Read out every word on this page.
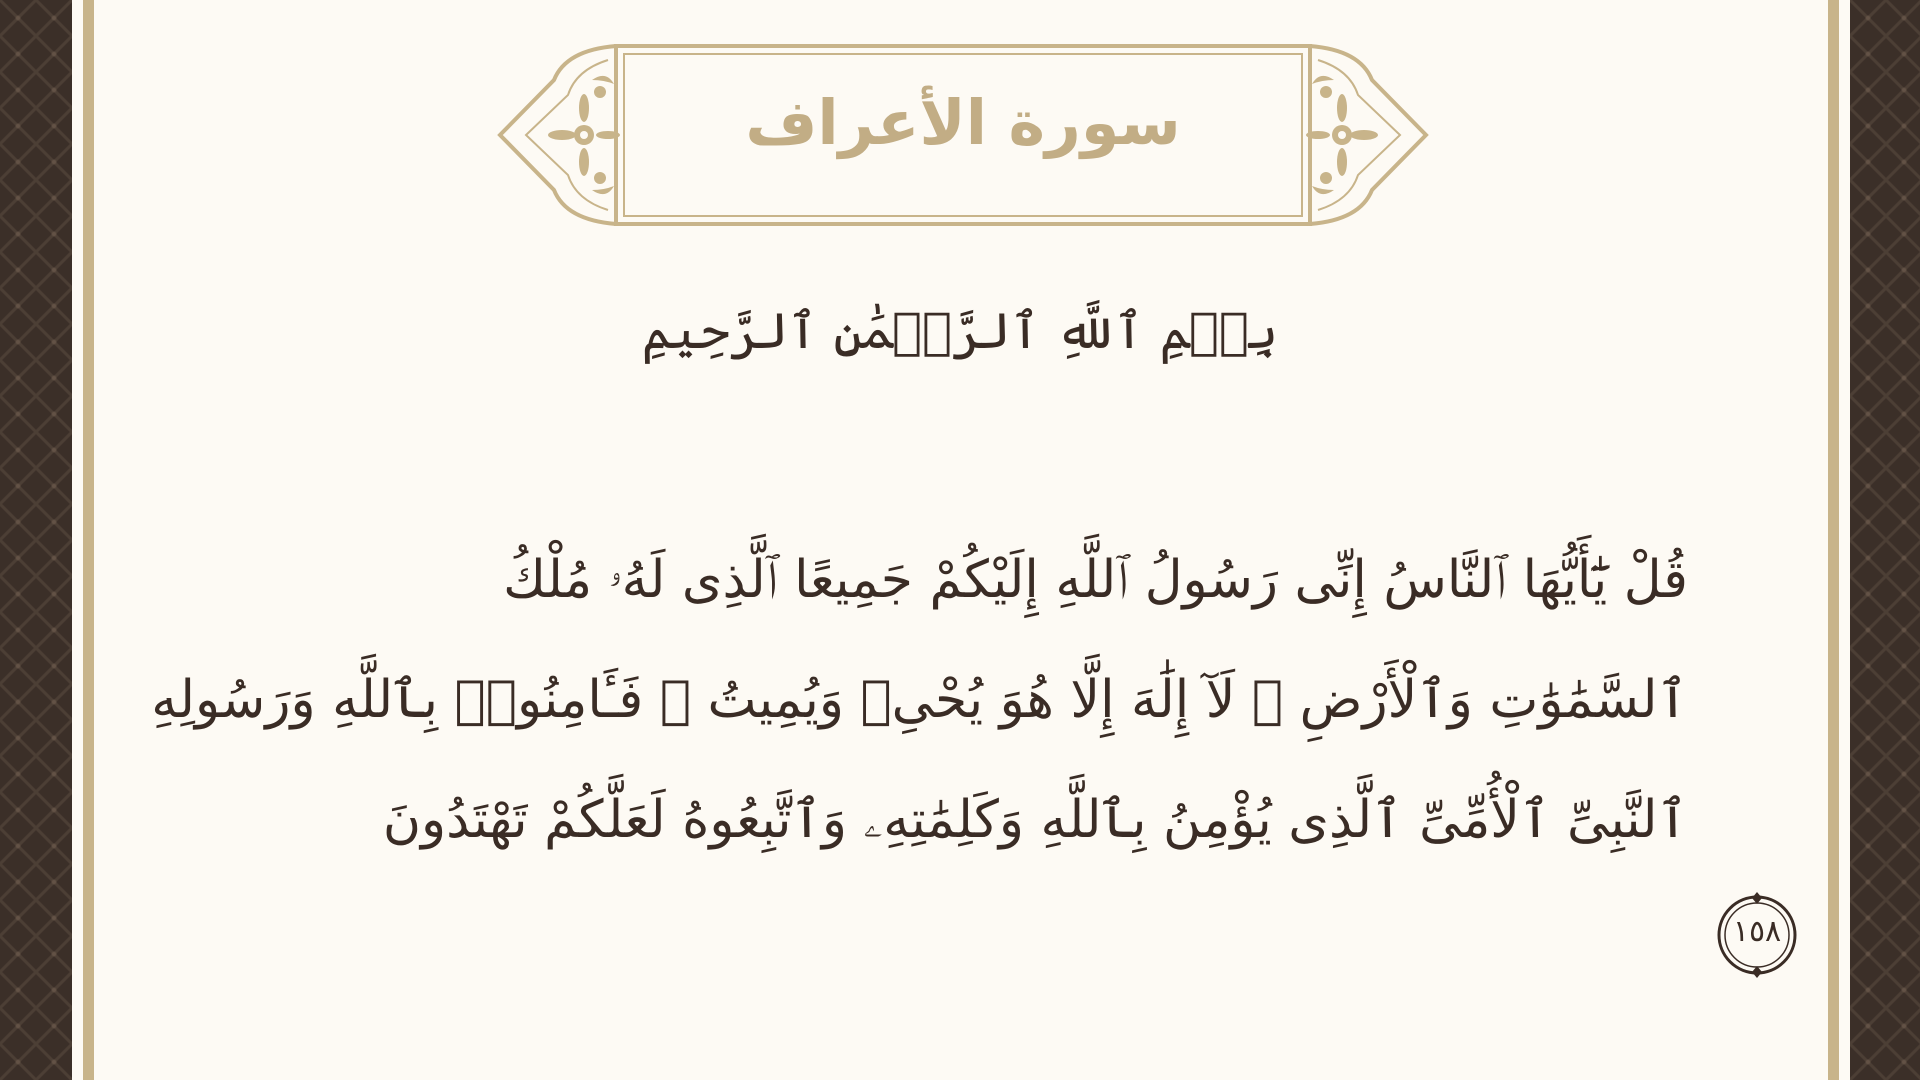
سورة الأعراف
بِسۡمِ ٱللَّهِ ٱلرَّحۡمَٰنِ ٱلرَّحِيمِ
قُلْ يَٰٓأَيُّهَا ٱلنَّاسُ إِنِّى رَسُولُ ٱللَّهِ إِلَيْكُمْ جَمِيعًا ٱلَّذِى لَهُۥ مُلْكُ
ٱلسَّمَٰوَٰتِ وَٱلْأَرْضِ ۖ لَآ إِلَٰهَ إِلَّا هُوَ يُحْىِۦ وَيُمِيتُ ۖ فَـَٔامِنُوا۟ بِٱللَّهِ وَرَسُولِهِ
ٱلنَّبِىِّ ٱلْأُمِّىِّ ٱلَّذِى يُؤْمِنُ بِٱللَّهِ وَكَلِمَٰتِهِۦ وَٱتَّبِعُوهُ لَعَلَّكُمْ تَهْتَدُونَ
١٥٨
